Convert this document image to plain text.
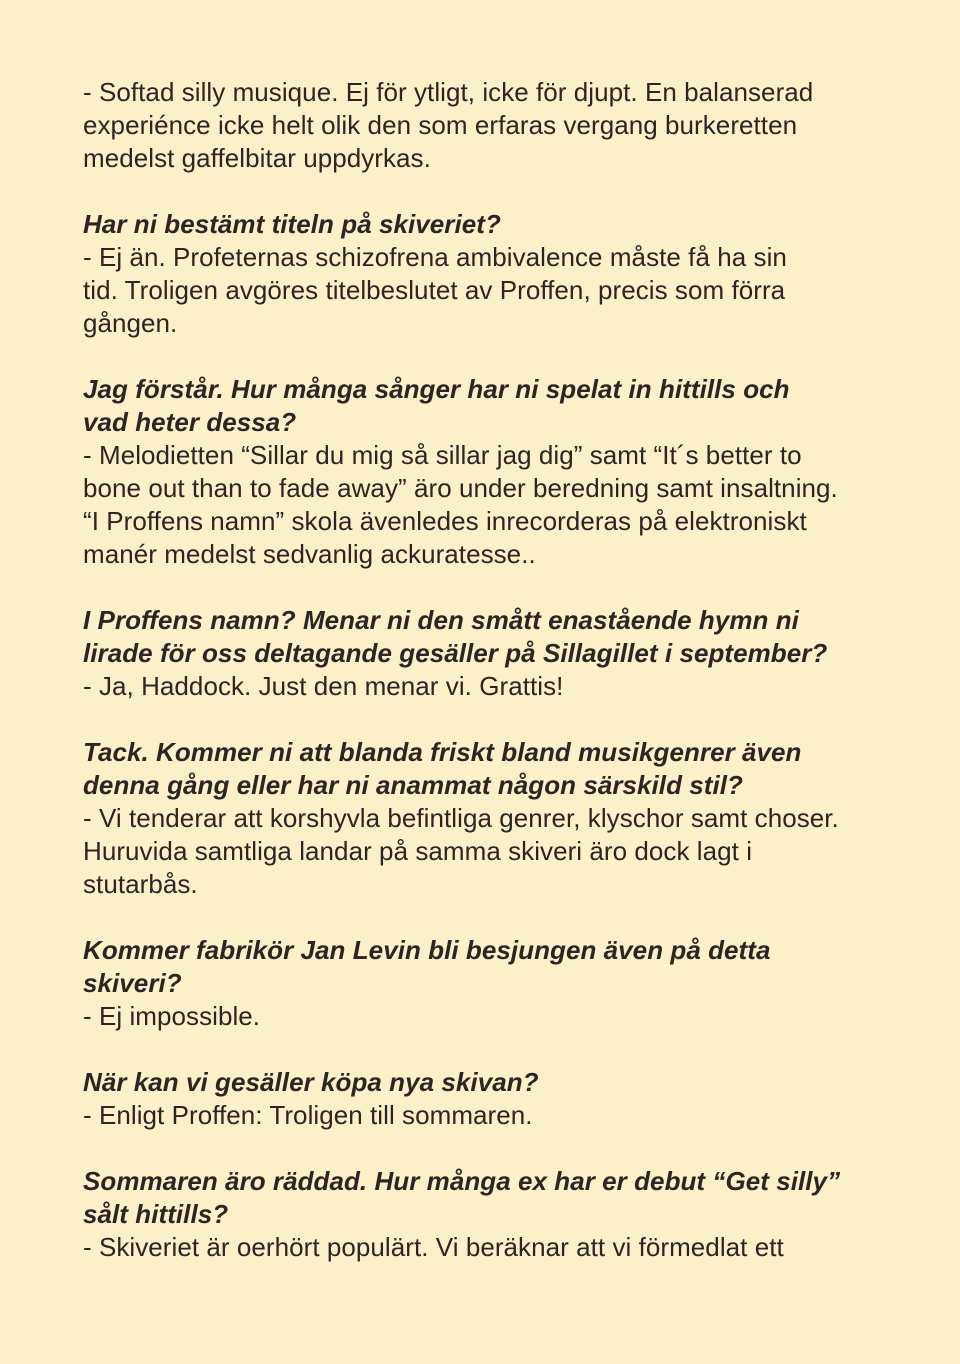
- Softad silly musique. Ej för ytligt, icke för djupt. En balanserad
experiénce icke helt olik den som erfaras vergang burkeretten
medelst gaffelbitar uppdyrkas.
Har ni bestämt titeln på skiveriet?
- Ej än. Profeternas schizofrena ambivalence måste få ha sin
tid. Troligen avgöres titelbeslutet av Proffen, precis som förra
gången.
Jag förstår. Hur många sånger har ni spelat in hittills och
vad heter dessa?
- Melodietten “Sillar du mig så sillar jag dig” samt “It´s better to
bone out than to fade away” äro under beredning samt insaltning.
“I Proffens namn” skola ävenledes inrecorderas på elektroniskt
manér medelst sedvanlig ackuratesse..
I Proffens namn? Menar ni den smått enastående hymn ni
lirade för oss deltagande gesäller på Sillagillet i september?
- Ja, Haddock. Just den menar vi. Grattis!
Tack. Kommer ni att blanda friskt bland musikgenrer även
denna gång eller har ni anammat någon särskild stil?
- Vi tenderar att korshyvla befintliga genrer, klyschor samt choser.
Huruvida samtliga landar på samma skiveri äro dock lagt i
stutarbås.
Kommer fabrikör Jan Levin bli besjungen även på detta
skiveri?
- Ej impossible.
När kan vi gesäller köpa nya skivan?
- Enligt Proffen: Troligen till sommaren.
Sommaren äro räddad. Hur många ex har er debut “Get silly”
sålt hittills?
- Skiveriet är oerhört populärt. Vi beräknar att vi förmedlat ett
